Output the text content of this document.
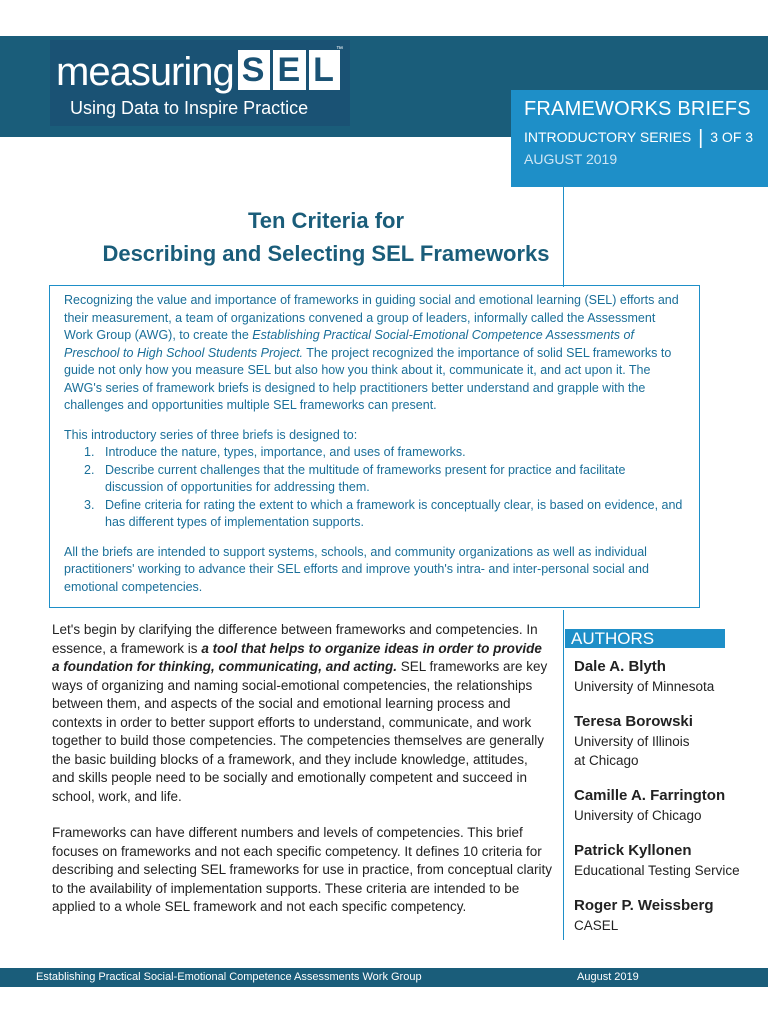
measuring S E L
™
Using Data to Inspire Practice	FRAMEWORKS BRIEFS
INTRODUCTORY SERIES | 3 OF 3
AUGUST 2019
Ten Criteria for
Describing and Selecting SEL Frameworks

Recognizing the value and importance of frameworks in guiding social and emotional learning (SEL) efforts and their measurement, a team of organizations convened a group of leaders, informally called the Assessment Work Group (AWG), to create the Establishing Practical Social-Emotional Competence Assessments of Preschool to High School Students Project. The project recognized the importance of solid SEL frameworks to guide not only how you measure SEL but also how you think about it, communicate it, and act upon it. The AWG's series of framework briefs is designed to help practitioners better understand and grapple with the challenges and opportunities multiple SEL frameworks can present.

This introductory series of three briefs is designed to:
1. Introduce the nature, types, importance, and uses of frameworks.
2. Describe current challenges that the multitude of frameworks present for practice and facilitate discussion of opportunities for addressing them.
3. Define criteria for rating the extent to which a framework is conceptually clear, is based on evidence, and has different types of implementation supports.

All the briefs are intended to support systems, schools, and community organizations as well as individual practitioners' working to advance their SEL efforts and improve youth's intra- and inter-personal social and emotional competencies.

Let's begin by clarifying the difference between frameworks and competencies. In essence, a framework is a tool that helps to organize ideas in order to provide a foundation for thinking, communicating, and acting. SEL frameworks are key ways of organizing and naming social-emotional competencies, the relationships between them, and aspects of the social and emotional learning process and contexts in order to better support efforts to understand, communicate, and work together to build those competencies. The competencies themselves are generally the basic building blocks of a framework, and they include knowledge, attitudes, and skills people need to be socially and emotionally competent and succeed in school, work, and life.

Frameworks can have different numbers and levels of competencies. This brief focuses on frameworks and not each specific competency. It defines 10 criteria for describing and selecting SEL frameworks for use in practice, from conceptual clarity to the availability of implementation supports. These criteria are intended to be applied to a whole SEL framework and not each specific competency.

AUTHORS
Dale A. Blyth
University of Minnesota
Teresa Borowski
University of Illinois
at Chicago
Camille A. Farrington
University of Chicago
Patrick Kyllonen
Educational Testing Service
Roger P. Weissberg
CASEL
Establishing Practical Social-Emotional Competence Assessments Work Group	August 2019
